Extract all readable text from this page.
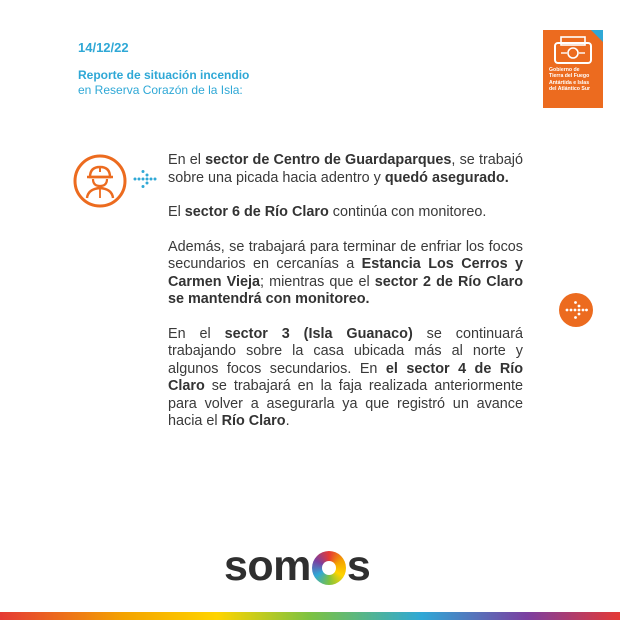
14/12/22
Reporte de situación incendio
en Reserva Corazón de la Isla:
Gobierno de
Tierra del Fuego
Antártida e Islas
del Atlántico Sur

En el sector de Centro de Guardaparques, se trabajó sobre una picada hacia adentro y quedó asegurado.

El sector 6 de Río Claro continúa con monitoreo.

Además, se trabajará para terminar de enfriar los focos secundarios en cercanías a Estancia Los Cerros y Carmen Vieja; mientras que el sector 2 de Río Claro se mantendrá con monitoreo.

En el sector 3 (Isla Guanaco) se continuará trabajando sobre la casa ubicada más al norte y algunos focos secundarios. En el sector 4 de Río Claro se trabajará en la faja realizada anteriormente para volver a asegurarla ya que registró un avance hacia el Río Claro.

som s
